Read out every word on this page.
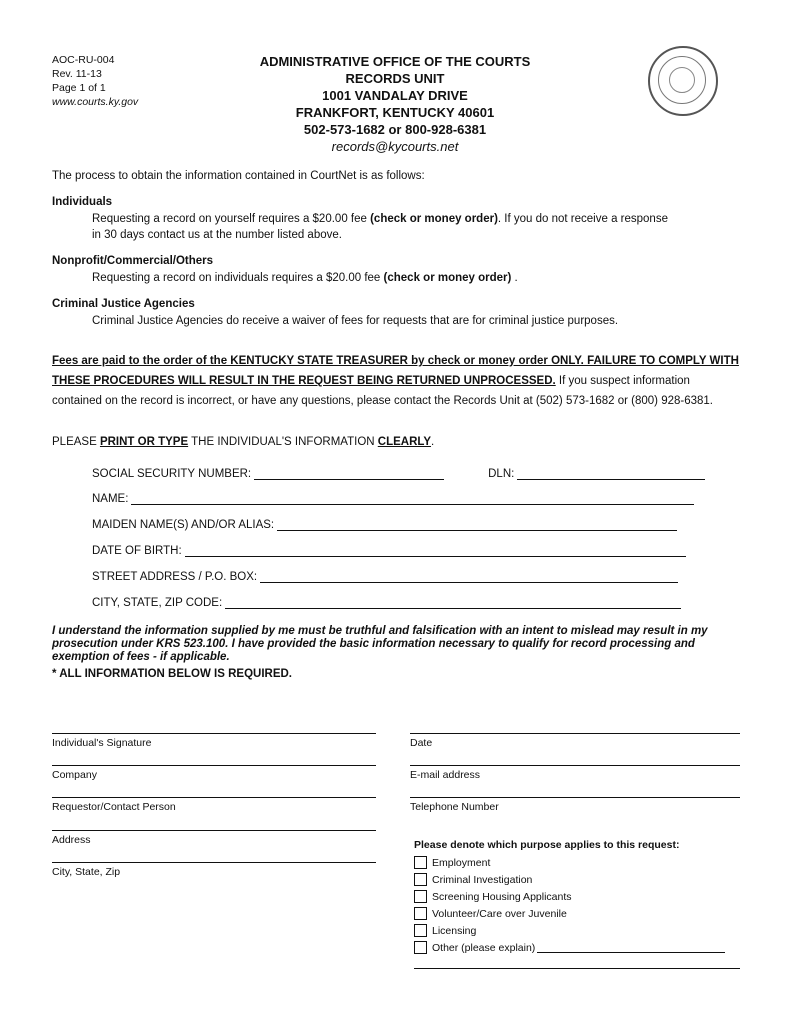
AOC-RU-004
Rev. 11-13
Page 1 of 1
www.courts.ky.gov
ADMINISTRATIVE OFFICE OF THE COURTS
RECORDS UNIT
1001 VANDALAY DRIVE
FRANKFORT, KENTUCKY 40601
502-573-1682 or 800-928-6381
records@kycourts.net
The process to obtain the information contained in CourtNet is as follows:
Individuals
Requesting a record on yourself requires a $20.00 fee (check or money order). If you do not receive a response
in 30 days contact us at the number listed above.
Nonprofit/Commercial/Others
Requesting a record on individuals requires a $20.00 fee (check or money order) .
Criminal Justice Agencies
Criminal Justice Agencies do receive a waiver of fees for requests that are for criminal justice purposes.
Fees are paid to the order of the KENTUCKY STATE TREASURER by check or money order ONLY. FAILURE TO COMPLY WITH THESE PROCEDURES WILL RESULT IN THE REQUEST BEING RETURNED UNPROCESSED. If you suspect information contained on the record is incorrect, or have any questions, please contact the Records Unit at (502) 573-1682 or (800) 928-6381.
PLEASE PRINT OR TYPE THE INDIVIDUAL'S INFORMATION CLEARLY.
SOCIAL SECURITY NUMBER:	DLN:
NAME:
MAIDEN NAME(S) AND/OR ALIAS:
DATE OF BIRTH:
STREET ADDRESS / P.O. BOX:
CITY, STATE, ZIP CODE:
I understand the information supplied by me must be truthful and falsification with an intent to mislead may result in my prosecution under KRS 523.100. I have provided the basic information necessary to qualify for record processing and exemption of fees - if applicable.
* ALL INFORMATION BELOW IS REQUIRED.
Individual's Signature
Company
Requestor/Contact Person
Address
City, State, Zip
Date
E-mail address
Telephone Number
Please denote which purpose applies to this request:
Employment
Criminal Investigation
Screening Housing Applicants
Volunteer/Care over Juvenile
Licensing
Other (please explain)
